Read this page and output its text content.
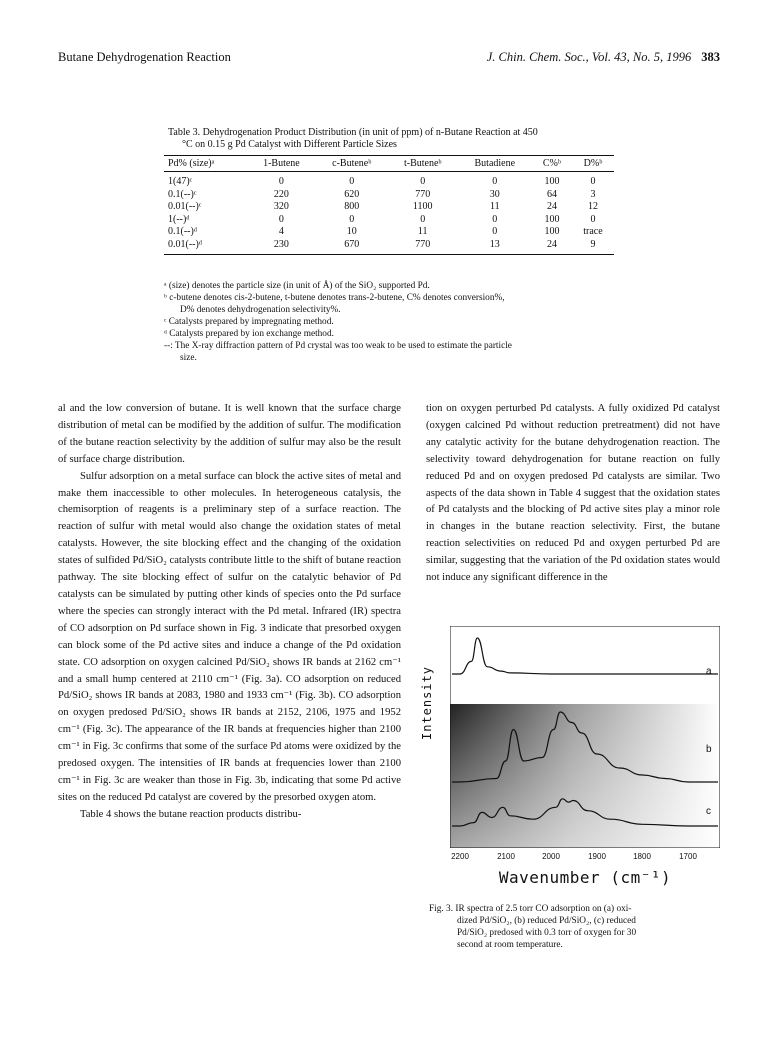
Butane Dehydrogenation Reaction	J. Chin. Chem. Soc., Vol. 43, No. 5, 1996 383
Table 3. Dehydrogenation Product Distribution (in unit of ppm) of n-Butane Reaction at 450
°C on 0.15 g Pd Catalyst with Different Particle Sizes
Pd% (size)ᵃ	1-Butene	c-Buteneᵇ	t-Buteneᵇ	Butadiene	C%ᵇ	D%ᵇ
1(47)ᶜ	0	0	0	0	100	0
0.1(--)ᶜ	220	620	770	30	64	3
0.01(--)ᶜ	320	800	1100	11	24	12
1(--)ᵈ	0	0	0	0	100	0
0.1(--)ᵈ	4	10	11	0	100	trace
0.01(--)ᵈ	230	670	770	13	24	9
ᵃ (size) denotes the particle size (in unit of Å) of the SiO₂ supported Pd.
ᵇ c-butene denotes cis-2-butene, t-butene denotes trans-2-butene, C% denotes conversion%,
D% denotes dehydrogenation selectivity%.
ᶜ Catalysts prepared by impregnating method.
ᵈ Catalysts prepared by ion exchange method.
--: The X-ray diffraction pattern of Pd crystal was too weak to be used to estimate the particle
size.

al and the low conversion of butane. It is well known that the surface charge distribution of metal can be modified by the addition of sulfur. The modification of the butane reaction selectivity by the addition of sulfur may also be the result of surface charge distribution.

Sulfur adsorption on a metal surface can block the active sites of metal and make them inaccessible to other molecules. In heterogeneous catalysis, the chemisorption of reagents is a preliminary step of a surface reaction. The reaction of sulfur with metal would also change the oxidation states of metal catalysts. However, the site blocking effect and the changing of the oxidation states of sulfided Pd/SiO₂ catalysts contribute little to the shift of butane reaction pathway. The site blocking effect of sulfur on the catalytic behavior of Pd catalysts can be simulated by putting other kinds of species onto the Pd surface where the species can strongly interact with the Pd metal. Infrared (IR) spectra of CO adsorption on Pd surface shown in Fig. 3 indicate that presorbed oxygen can block some of the Pd active sites and induce a change of the Pd oxidation state. CO adsorption on oxygen calcined Pd/SiO₂ shows IR bands at 2162 cm⁻¹ and a small hump centered at 2110 cm⁻¹ (Fig. 3a). CO adsorption on reduced Pd/SiO₂ shows IR bands at 2083, 1980 and 1933 cm⁻¹ (Fig. 3b). CO adsorption on oxygen predosed Pd/SiO₂ shows IR bands at 2152, 2106, 1975 and 1952 cm⁻¹ (Fig. 3c). The appearance of the IR bands at frequencies higher than 2100 cm⁻¹ in Fig. 3c confirms that some of the surface Pd atoms were oxidized by the predosed oxygen. The intensities of IR bands at frequencies lower than 2100 cm⁻¹ in Fig. 3c are weaker than those in Fig. 3b, indicating that some Pd active sites on the reduced Pd catalyst are covered by the presorbed oxygen atom.

Table 4 shows the butane reaction products distribu-

tion on oxygen perturbed Pd catalysts. A fully oxidized Pd catalyst (oxygen calcined Pd without reduction pretreatment) did not have any catalytic activity for the butane dehydrogenation reaction. The selectivity toward dehydrogenation for butane reaction on fully reduced Pd and on oxygen predosed Pd catalysts are similar. Two aspects of the data shown in Table 4 suggest that the oxidation states of Pd catalysts and the blocking of Pd active sites play a minor role in changes in the butane reaction selectivity. First, the butane reaction selectivities on reduced Pd and oxygen perturbed Pd are similar, suggesting that the variation of the Pd oxidation states would not induce any significant difference in the

a
b
c
Intensity
2200	2100	2000	1900	1800	1700
Wavenumber (cm⁻¹)
Fig. 3. IR spectra of 2.5 torr CO adsorption on (a) oxi-
dized Pd/SiO₂, (b) reduced Pd/SiO₂, (c) reduced
Pd/SiO₂ predosed with 0.3 torr of oxygen for 30
second at room temperature.
